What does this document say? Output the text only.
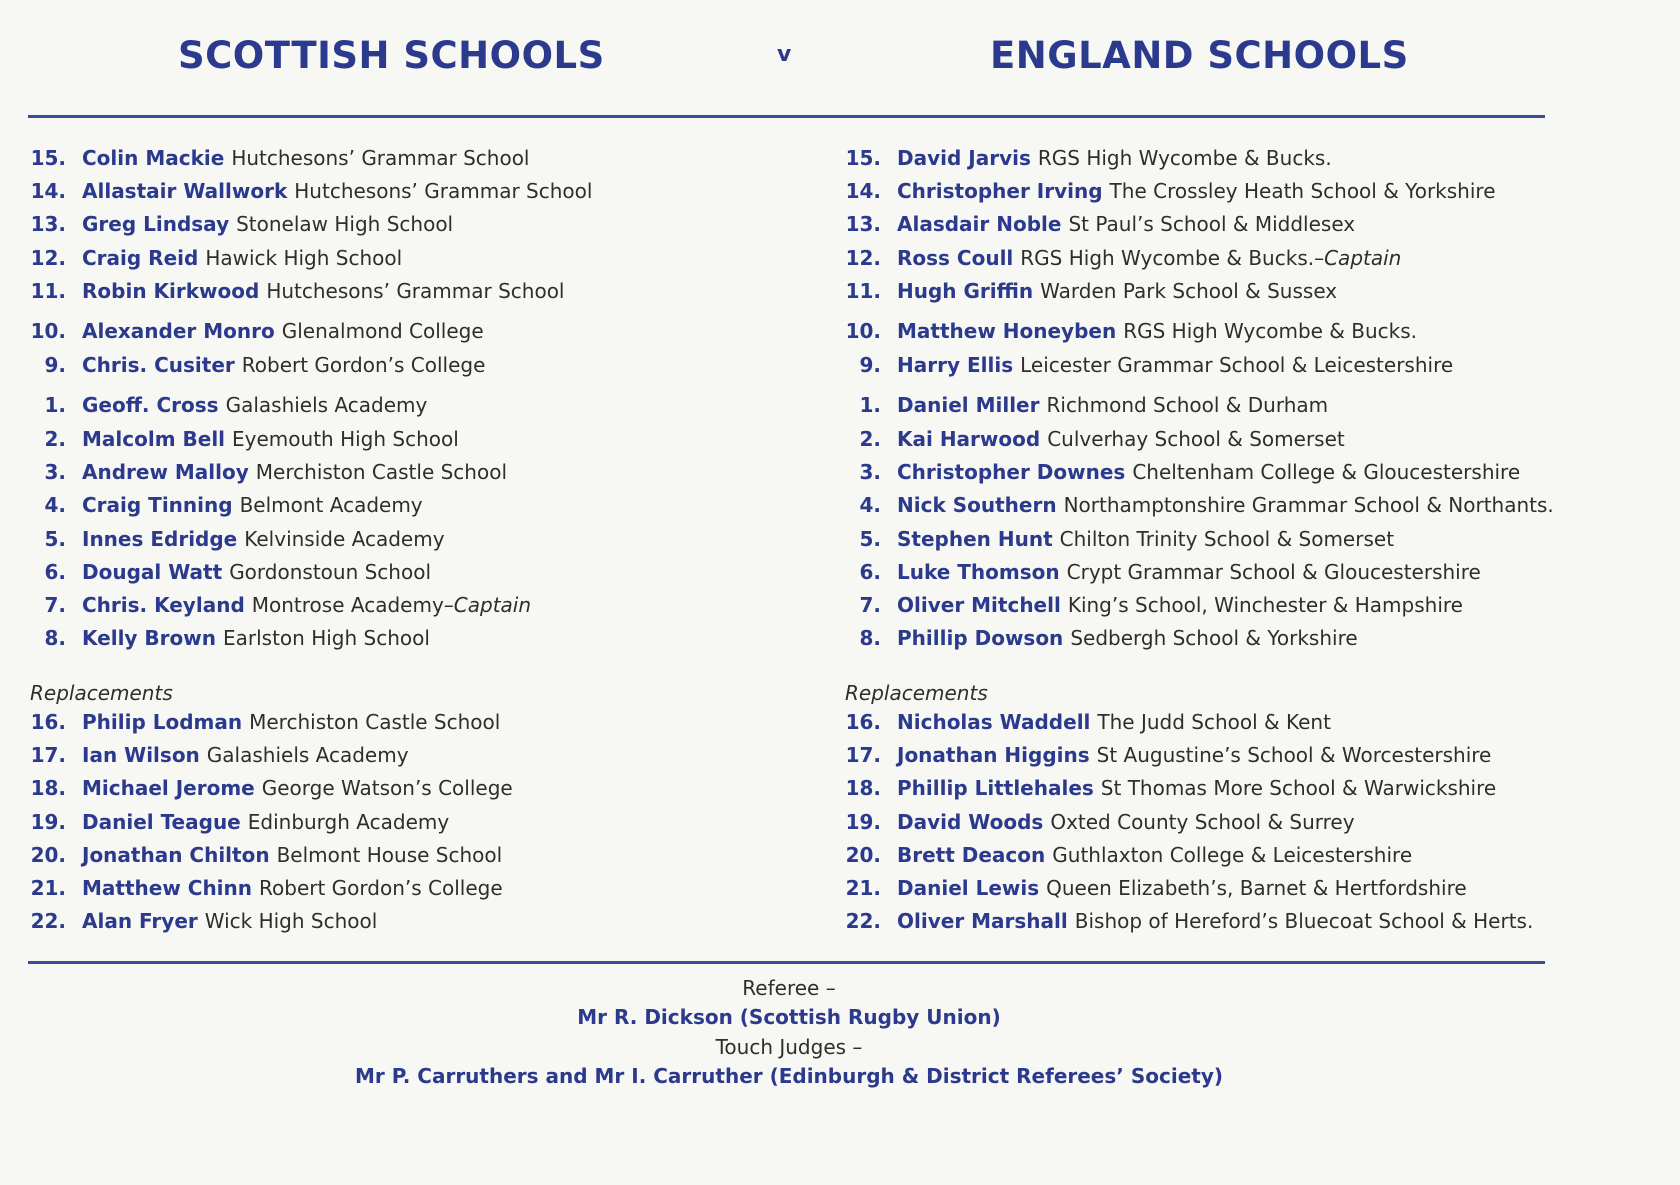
SCOTTISH SCHOOLS	v	ENGLAND SCHOOLS
15. Colin Mackie Hutchesons’ Grammar School
14. Allastair Wallwork Hutchesons’ Grammar School
13. Greg Lindsay Stonelaw High School
12. Craig Reid Hawick High School
11. Robin Kirkwood Hutchesons’ Grammar School
10. Alexander Monro Glenalmond College
9. Chris. Cusiter Robert Gordon’s College
1. Geoff. Cross Galashiels Academy
2. Malcolm Bell Eyemouth High School
3. Andrew Malloy Merchiston Castle School
4. Craig Tinning Belmont Academy
5. Innes Edridge Kelvinside Academy
6. Dougal Watt Gordonstoun School
7. Chris. Keyland Montrose Academy– Captain
8. Kelly Brown Earlston High School
Replacements
16. Philip Lodman Merchiston Castle School
17. Ian Wilson Galashiels Academy
18. Michael Jerome George Watson’s College
19. Daniel Teague Edinburgh Academy
20. Jonathan Chilton Belmont House School
21. Matthew Chinn Robert Gordon’s College
22. Alan Fryer Wick High School
15. David Jarvis RGS High Wycombe & Bucks.
14. Christopher Irving The Crossley Heath School & Yorkshire
13. Alasdair Noble St Paul’s School & Middlesex
12. Ross Coull RGS High Wycombe & Bucks.– Captain
11. Hugh Griffin Warden Park School & Sussex
10. Matthew Honeyben RGS High Wycombe & Bucks.
9. Harry Ellis Leicester Grammar School & Leicestershire
1. Daniel Miller Richmond School & Durham
2. Kai Harwood Culverhay School & Somerset
3. Christopher Downes Cheltenham College & Gloucestershire
4. Nick Southern Northamptonshire Grammar School & Northants.
5. Stephen Hunt Chilton Trinity School & Somerset
6. Luke Thomson Crypt Grammar School & Gloucestershire
7. Oliver Mitchell King’s School, Winchester & Hampshire
8. Phillip Dowson Sedbergh School & Yorkshire
Replacements
16. Nicholas Waddell The Judd School & Kent
17. Jonathan Higgins St Augustine’s School & Worcestershire
18. Phillip Littlehales St Thomas More School & Warwickshire
19. David Woods Oxted County School & Surrey
20. Brett Deacon Guthlaxton College & Leicestershire
21. Daniel Lewis Queen Elizabeth’s, Barnet & Hertfordshire
22. Oliver Marshall Bishop of Hereford’s Bluecoat School & Herts.
Referee –
Mr R. Dickson (Scottish Rugby Union)
Touch Judges –
Mr P. Carruthers and Mr I. Carruther (Edinburgh & District Referees’ Society)
